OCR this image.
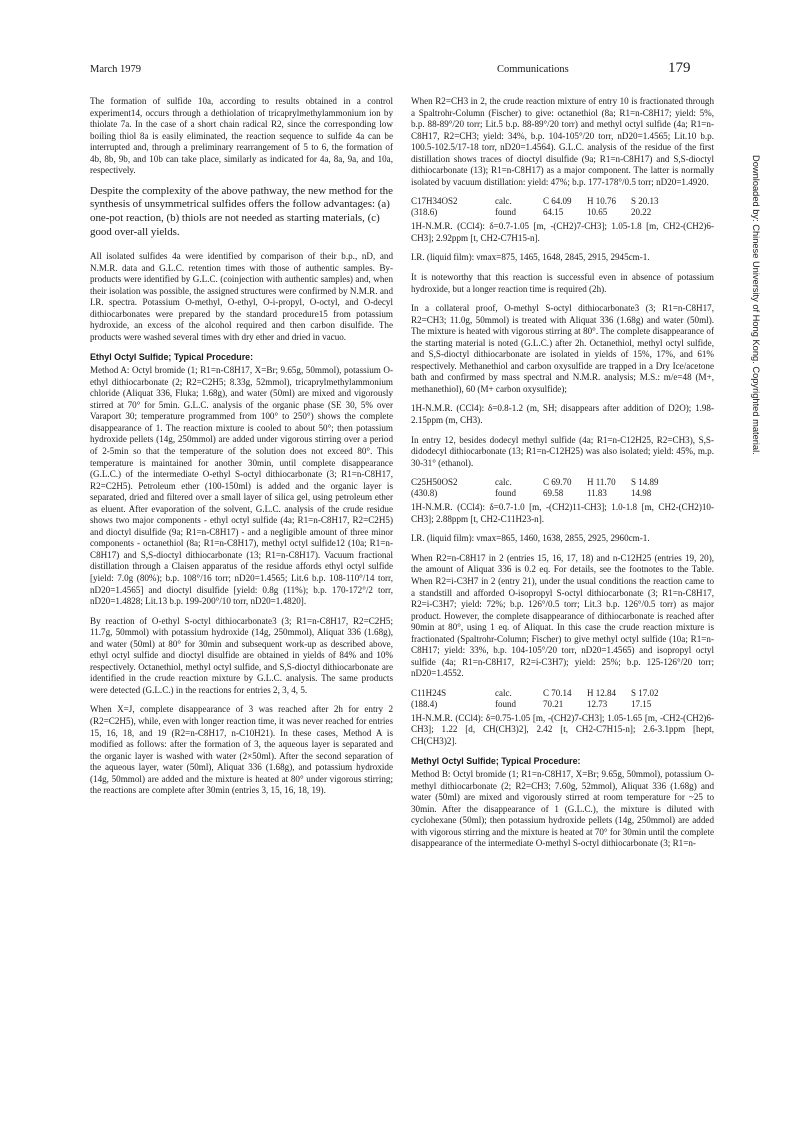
March 1979	Communications	179

The formation of sulfide 10a, according to results obtained in a control experiment14, occurs through a dethiolation of tricaprylmethylammonium ion by thiolate 7a. In the case of a short chain radical R2, since the corresponding low boiling thiol 8a is easily eliminated, the reaction sequence to sulfide 4a can be interrupted and, through a preliminary rearrangement of 5 to 6, the formation of 4b, 8b, 9b, and 10b can take place, similarly as indicated for 4a, 8a, 9a, and 10a, respectively.

Despite the complexity of the above pathway, the new method for the synthesis of unsymmetrical sulfides offers the follow advantages: (a) one-pot reaction, (b) thiols are not needed as starting materials, (c) good over-all yields.

All isolated sulfides 4a were identified by comparison of their b.p., nD, and N.M.R. data and G.L.C. retention times with those of authentic samples. By-products were identified by G.L.C. (coinjection with authentic samples) and, when their isolation was possible, the assigned structures were confirmed by N.M.R. and I.R. spectra. Potassium O-methyl, O-ethyl, O-i-propyl, O-octyl, and O-decyl dithiocarbonates were prepared by the standard procedure15 from potassium hydroxide, an excess of the alcohol required and then carbon disulfide. The products were washed several times with dry ether and dried in vacuo.

Ethyl Octyl Sulfide; Typical Procedure:

Method A: Octyl bromide (1; R1=n-C8H17, X=Br; 9.65g, 50mmol), potassium O-ethyl dithiocarbonate (2; R2=C2H5; 8.33g, 52mmol), tricaprylmethylammonium chloride (Aliquat 336, Fluka; 1.68g), and water (50ml) are mixed and vigorously stirred at 70° for 5min. G.L.C. analysis of the organic phase (SE 30, 5% over Varaport 30; temperature programmed from 100° to 250°) shows the complete disappearance of 1. The reaction mixture is cooled to about 50°; then potassium hydroxide pellets (14g, 250mmol) are added under vigorous stirring over a period of 2-5min so that the temperature of the solution does not exceed 80°. This temperature is maintained for another 30min, until complete disappearance (G.L.C.) of the intermediate O-ethyl S-octyl dithiocarbonate (3; R1=n-C8H17, R2=C2H5). Petroleum ether (100-150ml) is added and the organic layer is separated, dried and filtered over a small layer of silica gel, using petroleum ether as eluent. After evaporation of the solvent, G.L.C. analysis of the crude residue shows two major components - ethyl octyl sulfide (4a; R1=n-C8H17, R2=C2H5) and dioctyl disulfide (9a; R1=n-C8H17) - and a negligible amount of three minor components - octanethiol (8a; R1=n-C8H17), methyl octyl sulfide12 (10a; R1=n-C8H17) and S,S-dioctyl dithiocarbonate (13; R1=n-C8H17). Vacuum fractional distillation through a Claisen apparatus of the residue affords ethyl octyl sulfide [yield: 7.0g (80%); b.p. 108°/16 torr; nD20=1.4565; Lit.6 b.p. 108-110°/14 torr, nD20=1.4565] and dioctyl disulfide [yield: 0.8g (11%); b.p. 170-172°/2 torr, nD20=1.4828; Lit.13 b.p. 199-200°/10 torr, nD20=1.4820].

By reaction of O-ethyl S-octyl dithiocarbonate3 (3; R1=n-C8H17, R2=C2H5; 11.7g, 50mmol) with potassium hydroxide (14g, 250mmol), Aliquat 336 (1.68g), and water (50ml) at 80° for 30min and subsequent work-up as described above, ethyl octyl sulfide and dioctyl disulfide are obtained in yields of 84% and 10% respectively. Octanethiol, methyl octyl sulfide, and S,S-dioctyl dithiocarbonate are identified in the crude reaction mixture by G.L.C. analysis. The same products were detected (G.L.C.) in the reactions for entries 2, 3, 4, 5.

When X=J, complete disappearance of 3 was reached after 2h for entry 2 (R2=C2H5), while, even with longer reaction time, it was never reached for entries 15, 16, 18, and 19 (R2=n-C8H17, n-C10H21). In these cases, Method A is modified as follows: after the formation of 3, the aqueous layer is separated and the organic layer is washed with water (2×50ml). After the second separation of the aqueous layer, water (50ml), Aliquat 336 (1.68g), and potassium hydroxide (14g, 50mmol) are added and the mixture is heated at 80° under vigorous stirring; the reactions are complete after 30min (entries 3, 15, 16, 18, 19).

When R2=CH3 in 2, the crude reaction mixture of entry 10 is fractionated through a Spaltrohr-Column (Fischer) to give: octanethiol (8a; R1=n-C8H17; yield: 5%, b.p. 88-89°/20 torr; Lit.5 b.p. 88-89°/20 torr) and methyl octyl sulfide (4a; R1=n-C8H17, R2=CH3; yield: 34%, b.p. 104-105°/20 torr, nD20=1.4565; Lit.10 b.p. 100.5-102.5/17-18 torr, nD20=1.4564). G.L.C. analysis of the residue of the first distillation shows traces of dioctyl disulfide (9a; R1=n-C8H17) and S,S-dioctyl dithiocarbonate (13); R1=n-C8H17) as a major component. The latter is normally isolated by vacuum distillation: yield: 47%; b.p. 177-178°/0.5 torr; nD20=1.4920.

C17H34OS2	calc.	C 64.09	H 10.76	S 20.13
(318.6)	found	64.15	10.65	20.22

1H-N.M.R. (CCl4): δ=0.7-1.05 [m, -(CH2)7-CH3]; 1.05-1.8 [m, CH2-(CH2)6-CH3]; 2.92ppm [t, CH2-C7H15-n].

I.R. (liquid film): νmax=875, 1465, 1648, 2845, 2915, 2945cm-1.

It is noteworthy that this reaction is successful even in absence of potassium hydroxide, but a longer reaction time is required (2h).

In a collateral proof, O-methyl S-octyl dithiocarbonate3 (3; R1=n-C8H17, R2=CH3; 11.0g, 50mmol) is treated with Aliquat 336 (1.68g) and water (50ml). The mixture is heated with vigorous stirring at 80°. The complete disappearance of the starting material is noted (G.L.C.) after 2h. Octanethiol, methyl octyl sulfide, and S,S-dioctyl dithiocarbonate are isolated in yields of 15%, 17%, and 61% respectively. Methanethiol and carbon oxysulfide are trapped in a Dry Ice/acetone bath and confirmed by mass spectral and N.M.R. analysis; M.S.: m/e=48 (M+, methanethiol), 60 (M+ carbon oxysulfide);

1H-N.M.R. (CCl4): δ=0.8-1.2 (m, SH; disappears after addition of D2O); 1.98-2.15ppm (m, CH3).

In entry 12, besides dodecyl methyl sulfide (4a; R1=n-C12H25, R2=CH3), S,S-didodecyl dithiocarbonate (13; R1=n-C12H25) was also isolated; yield: 45%, m.p. 30-31° (ethanol).

C25H50OS2	calc.	C 69.70	H 11.70	S 14.89
(430.8)	found	69.58	11.83	14.98

1H-N.M.R. (CCl4): δ=0.7-1.0 [m, -(CH2)11-CH3]; 1.0-1.8 [m, CH2-(CH2)10-CH3]; 2.88ppm [t, CH2-C11H23-n].

I.R. (liquid film): νmax=865, 1460, 1638, 2855, 2925, 2960cm-1.

When R2=n-C8H17 in 2 (entries 15, 16, 17, 18) and n-C12H25 (entries 19, 20), the amount of Aliquat 336 is 0.2 eq. For details, see the footnotes to the Table. When R2=i-C3H7 in 2 (entry 21), under the usual conditions the reaction came to a standstill and afforded O-isopropyl S-octyl dithiocarbonate (3; R1=n-C8H17, R2=i-C3H7; yield: 72%; b.p. 126°/0.5 torr; Lit.3 b.p. 126°/0.5 torr) as major product. However, the complete disappearance of dithiocarbonate is reached after 90min at 80°, using 1 eq. of Aliquat. In this case the crude reaction mixture is fractionated (Spaltrohr-Column; Fischer) to give methyl octyl sulfide (10a; R1=n-C8H17; yield: 33%, b.p. 104-105°/20 torr, nD20=1.4565) and isopropyl octyl sulfide (4a; R1=n-C8H17, R2=i-C3H7); yield: 25%; b.p. 125-126°/20 torr; nD20=1.4552.

C11H24S	calc.	C 70.14	H 12.84	S 17.02
(188.4)	found	70.21	12.73	17.15

1H-N.M.R. (CCl4): δ=0.75-1.05 [m, -(CH2)7-CH3]; 1.05-1.65 [m, -CH2-(CH2)6-CH3]; 1.22 [d, CH(CH3)2], 2.42 [t, CH2-C7H15-n]; 2.6-3.1ppm [hept, CH(CH3)2].

Methyl Octyl Sulfide; Typical Procedure:

Method B: Octyl bromide (1; R1=n-C8H17, X=Br; 9.65g, 50mmol), potassium O-methyl dithiocarbonate (2; R2=CH3; 7.60g, 52mmol), Aliquat 336 (1.68g) and water (50ml) are mixed and vigorously stirred at room temperature for ~25 to 30min. After the disappearance of 1 (G.L.C.), the mixture is diluted with cyclohexane (50ml); then potassium hydroxide pellets (14g, 250mmol) are added with vigorous stirring and the mixture is heated at 70° for 30min until the complete disappearance of the intermediate O-methyl S-octyl dithiocarbonate (3; R1=n-

Downloaded by: Chinese University of Hong Kong. Copyrighted material.
